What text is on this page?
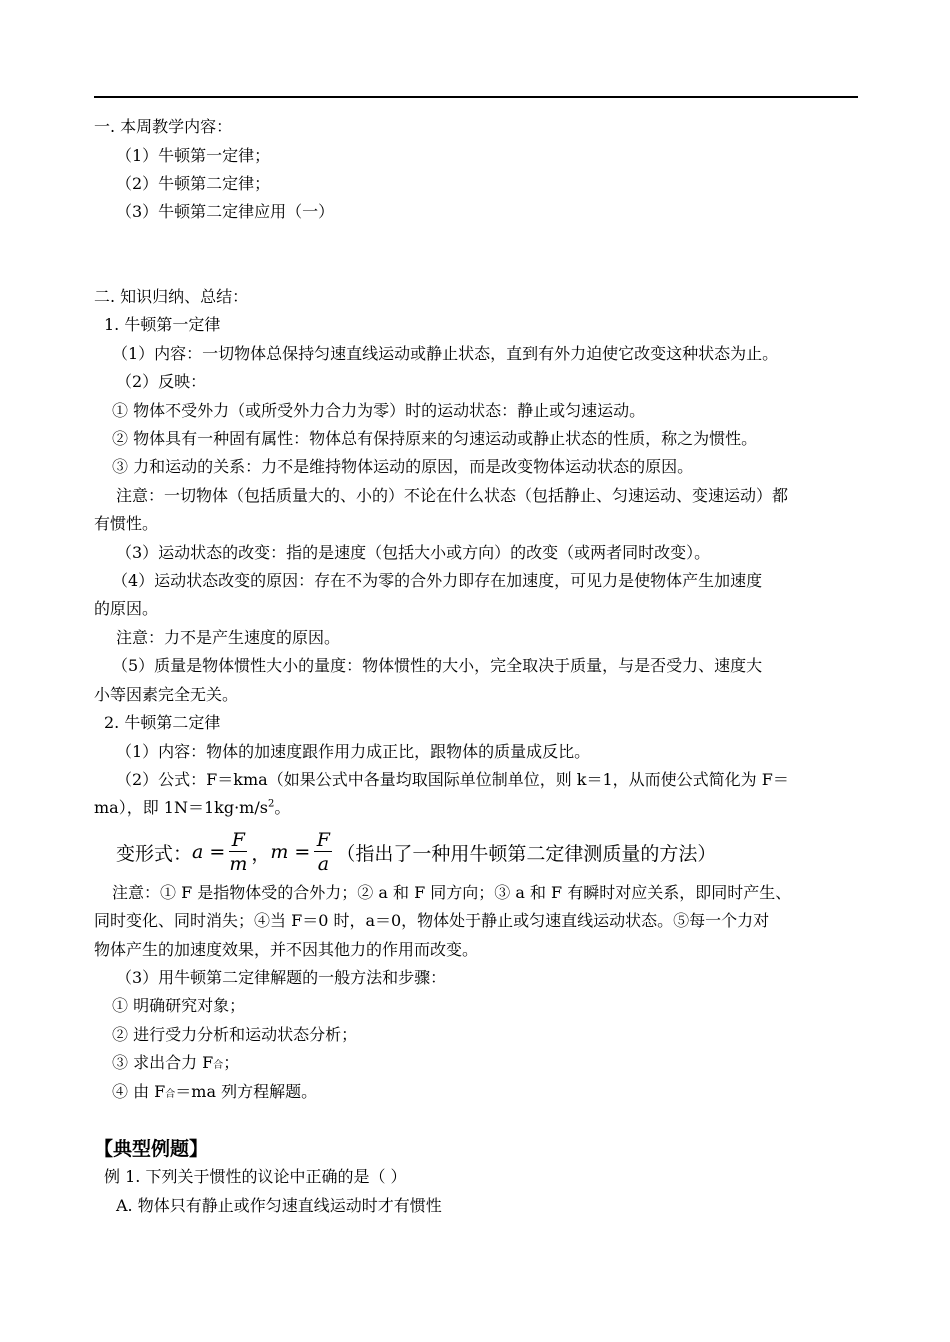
一. 本周教学内容：
（1）牛顿第一定律；
（2）牛顿第二定律；
（3）牛顿第二定律应用（一）
二. 知识归纳、总结：
1. 牛顿第一定律
（1）内容：一切物体总保持匀速直线运动或静止状态，直到有外力迫使它改变这种状态为止。
（2）反映：
① 物体不受外力（或所受外力合力为零）时的运动状态：静止或匀速运动。
② 物体具有一种固有属性：物体总有保持原来的匀速运动或静止状态的性质，称之为惯性。
③ 力和运动的关系：力不是维持物体运动的原因，而是改变物体运动状态的原因。
注意：一切物体（包括质量大的、小的）不论在什么状态（包括静止、匀速运动、变速运动）都
有惯性。
（3）运动状态的改变：指的是速度（包括大小或方向）的改变（或两者同时改变）。
（4）运动状态改变的原因：存在不为零的合外力即存在加速度，可见力是使物体产生加速度
的原因。
注意：力不是产生速度的原因。
（5）质量是物体惯性大小的量度：物体惯性的大小，完全取决于质量，与是否受力、速度大
小等因素完全无关。
2. 牛顿第二定律
（1）内容：物体的加速度跟作用力成正比，跟物体的质量成反比。
（2）公式：F＝kma（如果公式中各量均取国际单位制单位，则 k＝1，从而使公式简化为 F＝
ma），即 $1N=1kg\cdot m/s^2$。
变形式： $a = \frac{F}{m}$ ， $m = \frac{F}{a}$ （指出了一种用牛顿第二定律测质量的方法）
注意：① F 是指物体受的合外力；② a 和 F 同方向；③ a 和 F 有瞬时对应关系，即同时产生、
同时变化、同时消失；④当 F＝0 时，a＝0，物体处于静止或匀速直线运动状态。⑤每一个力对
物体产生的加速度效果，并不因其他力的作用而改变。
（3）用牛顿第二定律解题的一般方法和步骤：
① 明确研究对象；
② 进行受力分析和运动状态分析；
③ 求出合力 F合；
④ 由 F合＝ma 列方程解题。
【典型例题】
例 1. 下列关于惯性的议论中正确的是（ ）
A. 物体只有静止或作匀速直线运动时才有惯性
